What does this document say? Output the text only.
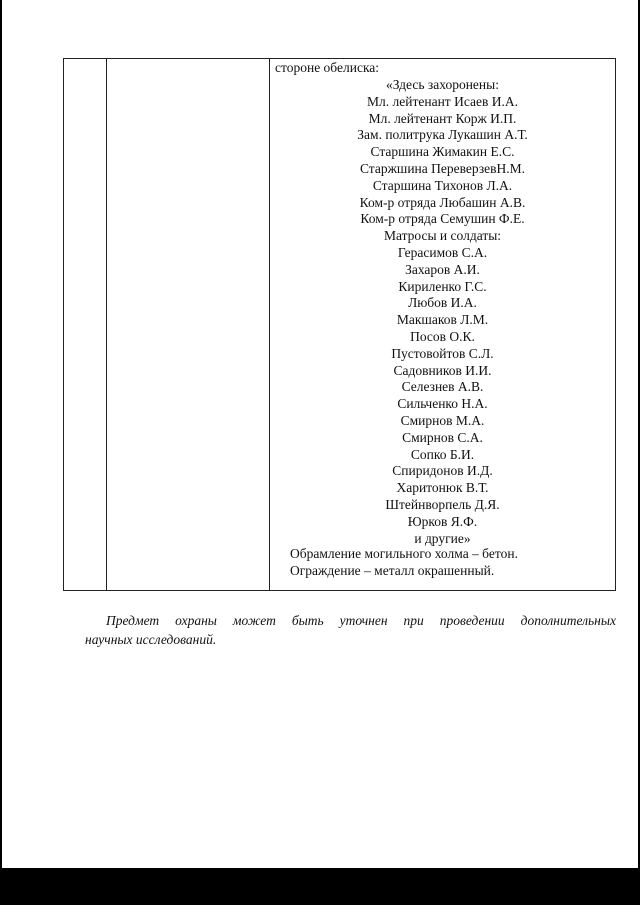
стороне обелиска:
«Здесь захоронены:
Мл. лейтенант Исаев И.А.
Мл. лейтенант Корж И.П.
Зам. политрука Лукашин А.Т.
Старшина Жимакин Е.С.
Старжшина ПереверзевН.М.
Старшина Тихонов Л.А.
Ком-р отряда Любашин А.В.
Ком-р отряда Семушин Ф.Е.
Матросы и солдаты:
Герасимов С.А.
Захаров А.И.
Кириленко Г.С.
Любов И.А.
Макшаков Л.М.
Посов О.К.
Пустовойтов С.Л.
Садовников И.И.
Селезнев А.В.
Сильченко Н.А.
Смирнов М.А.
Смирнов С.А.
Сопко Б.И.
Спиридонов И.Д.
Харитонюк В.Т.
Штейнворпель Д.Я.
Юрков Я.Ф.
и другие»
Обрамление могильного холма – бетон.
Ограждение – металл окрашенный.

Предмет охраны может быть уточнен при проведении дополнительных
научных исследований.
